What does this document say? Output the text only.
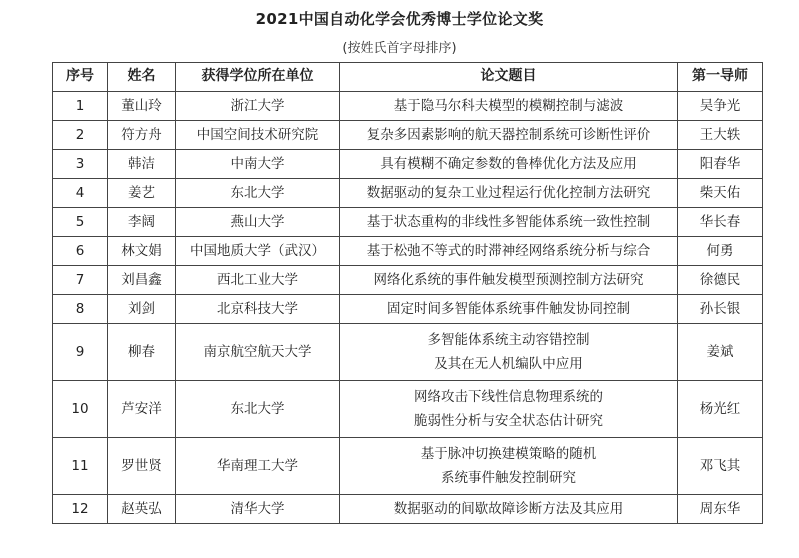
2021中国自动化学会优秀博士学位论文奖
(按姓氏首字母排序)
序号	姓名	获得学位所在单位	论文题目	第一导师
1	董山玲	浙江大学	基于隐马尔科夫模型的模糊控制与滤波	吴争光
2	符方舟	中国空间技术研究院	复杂多因素影响的航天器控制系统可诊断性评价	王大轶
3	韩洁	中南大学	具有模糊不确定参数的鲁棒优化方法及应用	阳春华
4	姜艺	东北大学	数据驱动的复杂工业过程运行优化控制方法研究	柴天佑
5	李阔	燕山大学	基于状态重构的非线性多智能体系统一致性控制	华长春
6	林文娟	中国地质大学（武汉）	基于松弛不等式的时滞神经网络系统分析与综合	何勇
7	刘昌鑫	西北工业大学	网络化系统的事件触发模型预测控制方法研究	徐德民
8	刘剑	北京科技大学	固定时间多智能体系统事件触发协同控制	孙长银
9	柳春	南京航空航天大学	多智能体系统主动容错控制
及其在无人机编队中应用	姜斌
10	芦安洋	东北大学	网络攻击下线性信息物理系统的
脆弱性分析与安全状态估计研究	杨光红
11	罗世贤	华南理工大学	基于脉冲切换建模策略的随机
系统事件触发控制研究	邓飞其
12	赵英弘	清华大学	数据驱动的间歇故障诊断方法及其应用	周东华
